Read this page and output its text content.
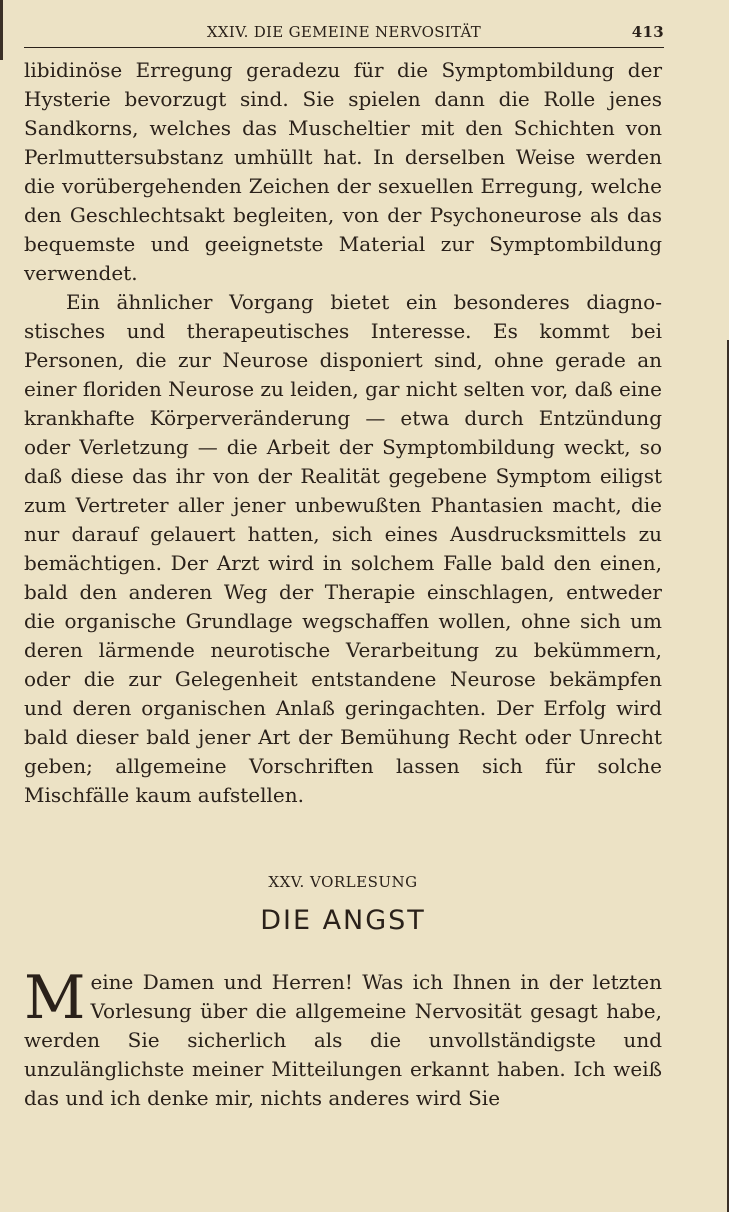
XXIV. DIE GEMEINE NERVOSITÄT	413

libidinöse Erregung geradezu für die Symptombildung der Hysterie bevorzugt sind. Sie spielen dann die Rolle jenes Sandkorns, welches das Muscheltier mit den Schichten von Perlmuttersubstanz umhüllt hat. In derselben Weise werden die vorübergehenden Zeichen der sexuellen Erregung, welche den Geschlechtsakt begleiten, von der Psychoneurose als das bequemste und geeignetste Material zur Symptombildung verwendet.

Ein ähnlicher Vorgang bietet ein besonderes diagnostisches und therapeutisches Interesse. Es kommt bei Personen, die zur Neurose disponiert sind, ohne gerade an einer floriden Neurose zu leiden, gar nicht selten vor, daß eine krankhafte Körperveränderung — etwa durch Entzündung oder Verletzung — die Arbeit der Symptombildung weckt, so daß diese das ihr von der Realität gegebene Symptom eiligst zum Vertreter aller jener unbewußten Phantasien macht, die nur darauf gelauert hatten, sich eines Ausdrucksmittels zu bemächtigen. Der Arzt wird in solchem Falle bald den einen, bald den anderen Weg der Therapie einschlagen, entweder die organische Grundlage wegschaffen wollen, ohne sich um deren lärmende neurotische Verarbeitung zu bekümmern, oder die zur Gelegenheit entstandene Neurose bekämpfen und deren organischen Anlaß geringachten. Der Erfolg wird bald dieser bald jener Art der Bemühung Recht oder Unrecht geben; allgemeine Vorschriften lassen sich für solche Mischfälle kaum aufstellen.

XXV. VORLESUNG
DIE ANGST
M eine Damen und Herren! Was ich Ihnen in der letzten Vorlesung über die allgemeine Nervosität gesagt habe, werden Sie sicherlich als die unvollständigste und unzulänglichste meiner Mitteilungen erkannt haben. Ich weiß das und ich denke mir, nichts anderes wird Sie
